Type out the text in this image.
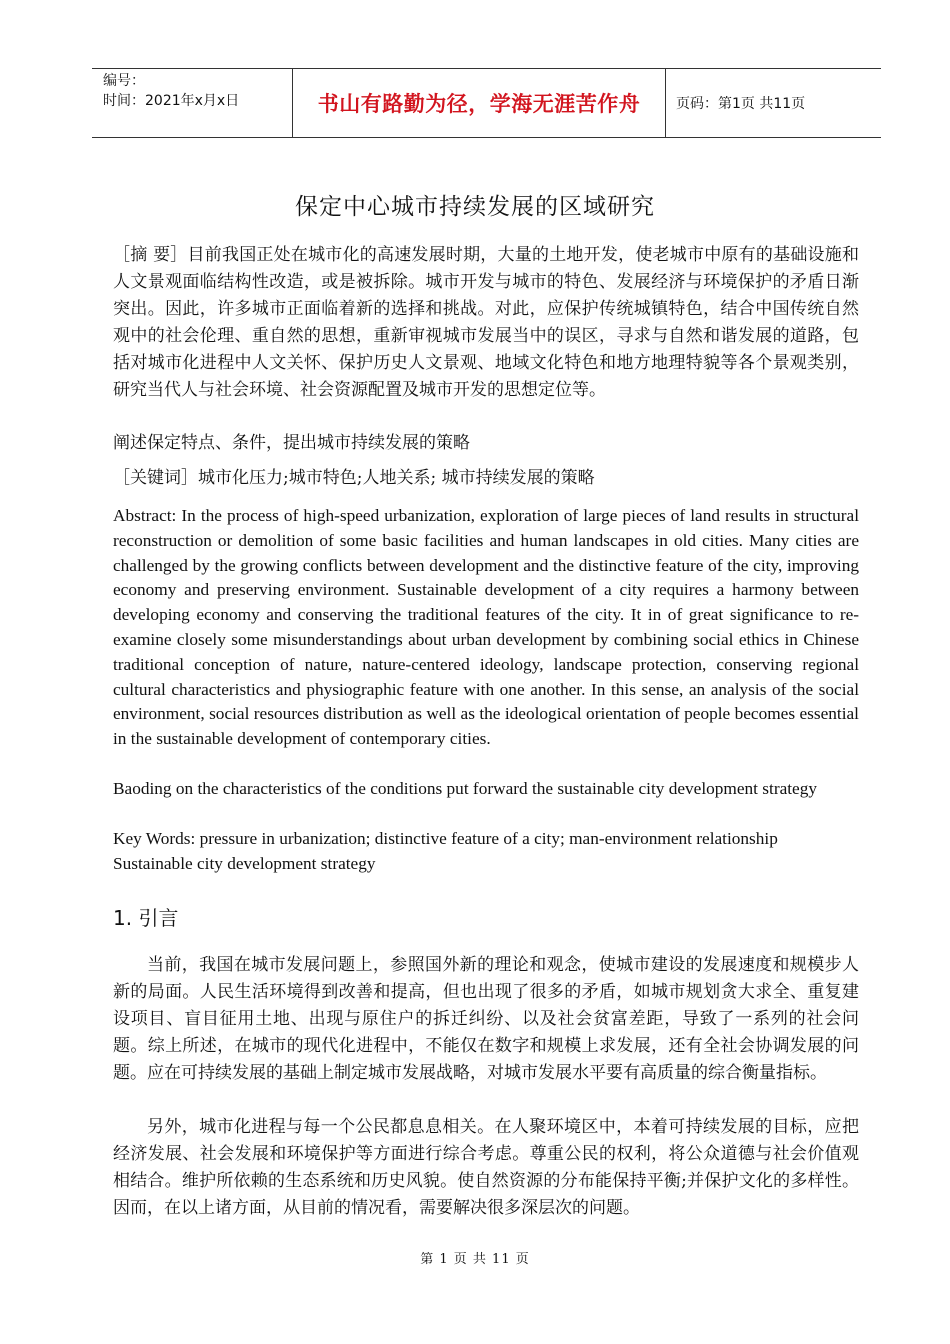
编号：
时间：2021年x月x日	书山有路勤为径，学海无涯苦作舟	页码：第1页 共11页
保定中心城市持续发展的区域研究
［摘 要］目前我国正处在城市化的高速发展时期，大量的土地开发，使老城市中原有的基础设施和人文景观面临结构性改造，或是被拆除。城市开发与城市的特色、发展经济与环境保护的矛盾日渐突出。因此，许多城市正面临着新的选择和挑战。对此，应保护传统城镇特色，结合中国传统自然观中的社会伦理、重自然的思想，重新审视城市发展当中的误区，寻求与自然和谐发展的道路，包括对城市化进程中人文关怀、保护历史人文景观、地域文化特色和地方地理特貌等各个景观类别，研究当代人与社会环境、社会资源配置及城市开发的思想定位等。
阐述保定特点、条件，提出城市持续发展的策略
［关键词］城市化压力;城市特色;人地关系; 城市持续发展的策略
Abstract: In the process of high-speed urbanization, exploration of large pieces of land results in structural reconstruction or demolition of some basic facilities and human landscapes in old cities. Many cities are challenged by the growing conflicts between development and the distinctive feature of the city, improving economy and preserving environment. Sustainable development of a city requires a harmony between developing economy and conserving the traditional features of the city. It in of great significance to re-examine closely some misunderstandings about urban development by combining social ethics in Chinese traditional conception of nature, nature-centered ideology, landscape protection, conserving regional cultural characteristics and physiographic feature with one another. In this sense, an analysis of the social environment, social resources distribution as well as the ideological orientation of people becomes essential in the sustainable development of contemporary cities.
Baoding on the characteristics of the conditions put forward the sustainable city development strategy
Key Words: pressure in urbanization; distinctive feature of a city; man-environment relationship
Sustainable city development strategy
1. 引言
当前，我国在城市发展问题上，参照国外新的理论和观念，使城市建设的发展速度和规模步人新的局面。人民生活环境得到改善和提高，但也出现了很多的矛盾，如城市规划贪大求全、重复建设项目、盲目征用土地、出现与原住户的拆迁纠纷、以及社会贫富差距，导致了一系列的社会问题。综上所述，在城市的现代化进程中，不能仅在数字和规模上求发展，还有全社会协调发展的问题。应在可持续发展的基础上制定城市发展战略，对城市发展水平要有高质量的综合衡量指标。
另外，城市化进程与每一个公民都息息相关。在人聚环境区中，本着可持续发展的目标，应把经济发展、社会发展和环境保护等方面进行综合考虑。尊重公民的权利，将公众道德与社会价值观相结合。维护所依赖的生态系统和历史风貌。使自然资源的分布能保持平衡;并保护文化的多样性。因而，在以上诸方面，从目前的情况看，需要解决很多深层次的问题。
第 1 页 共 11 页
